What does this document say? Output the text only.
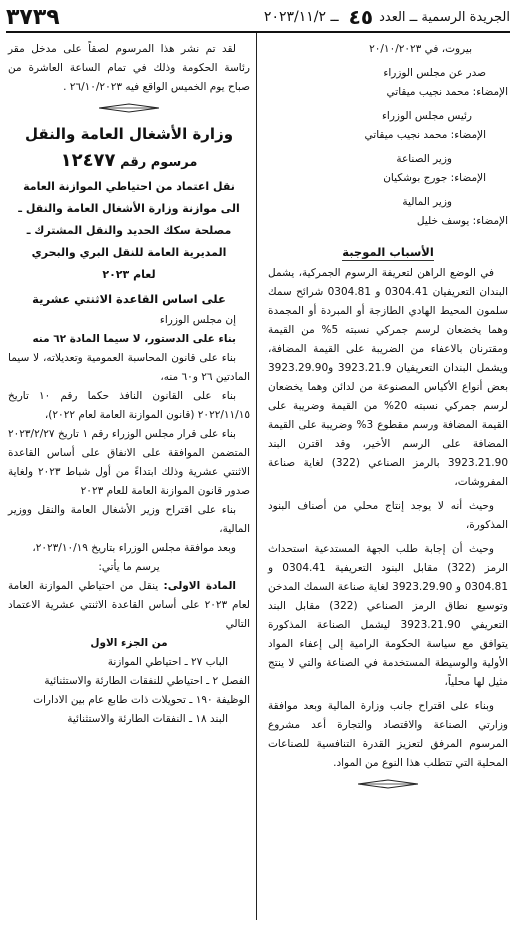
الجريدة الرسمية ــ العدد
٤٥
ــ ٢٠٢٣/١١/٢
٣٧٣٩

بيروت، في ٢٠/١٠/٢٠٢٣

صدر عن مجلس الوزراء

الإمضاء: محمد نجيب ميقاتي

رئيس مجلس الوزراء

الإمضاء: محمد نجيب ميقاتي

وزير الصناعة

الإمضاء: جورج بوشكيان

وزير المالية

الإمضاء: يوسف خليل

الأسباب الموجبة

في الوضع الراهن لتعريفة الرسوم الجمركية، يشمل البندان التعريفيان 0304.41 و 0304.81 شرائح سمك سلمون المحيط الهادي الطازجة أو المبردة أو المجمدة وهما يخضعان لرسم جمركي نسبته 5% من القيمة ومقترنان بالاعفاء من الضريبة على القيمة المضافة، ويشمل البندان التعريفيان 3923.21.9 و3923.29.90 بعض أنواع الأكياس المصنوعة من لدائن وهما يخضعان لرسم جمركي نسبته 20% من القيمة وضريبة على القيمة المضافة ورسم مقطوع 3% وضريبة على القيمة المضافة على الرسم الأخير، وقد اقترن البند 3923.21.90 بالرمز الصناعي (322) لغاية صناعة المفروشات،

وحيث أنه لا يوجد إنتاج محلي من أصناف البنود المذكورة،

وحيث أن إجابة طلب الجهة المستدعية استحداث الرمز (322) مقابل البنود التعريفية 0304.41 و 0304.81 و 3923.29.90 لغاية صناعة السمك المدخن وتوسيع نطاق الرمز الصناعي (322) مقابل البند التعريفي 3923.21.90 ليشمل الصناعة المذكورة يتوافق مع سياسة الحكومة الرامية إلى إعفاء المواد الأولية والوسيطة المستخدمة في الصناعة والتي لا ينتج مثيل لها محلياً،

وبناء على اقتراح جانب وزارة المالية وبعد موافقة وزارتي الصناعة والاقتصاد والتجارة أعد مشروع المرسوم المرفق لتعزيز القدرة التنافسية للصناعات المحلية التي تتطلب هذا النوع من المواد.

لقد تم نشر هذا المرسوم لصقاً على مدخل مقر رئاسة الحكومة وذلك في تمام الساعة العاشرة من صباح يوم الخميس الواقع فيه ٢٦/١٠/٢٠٢٣ .

وزارة الأشغال العامة والنقل

مرسوم رقم ١٢٤٧٧

نقل اعتماد من احتياطي الموازنة العامة
الى موازنة وزارة الأشغال العامة والنقل ـ
مصلحة سكك الحديد والنقل المشترك ـ
المديرية العامة للنقل البري والبحري
لعام ٢٠٢٣

على اساس القاعدة الاثنتي عشرية

إن مجلس الوزراء

بناء على الدستور، لا سيما المادة ٦٢ منه

بناء على قانون المحاسبة العمومية وتعديلاته، لا سيما المادتين ٢٦ و٦٠ منه،

بناء على القانون النافذ حكما رقم ١٠ تاريخ ٢٠٢٢/١١/١٥ (قانون الموازنة العامة لعام ٢٠٢٢)،

بناء على قرار مجلس الوزراء رقم ١ تاريخ ٢٠٢٣/٢/٢٧ المتضمن الموافقة على الانفاق على أساس القاعدة الاثنتي عشرية وذلك ابتداءً من أول شباط ٢٠٢٣ ولغاية صدور قانون الموازنة العامة للعام ٢٠٢٣

بناء على اقتراح وزير الأشغال العامة والنقل ووزير المالية،

وبعد موافقة مجلس الوزراء بتاريخ ٢٠٢٣/١٠/١٩،

يرسم ما يأتي:

المادة الاولى: ينقل من احتياطي الموازنة العامة لعام ٢٠٢٣ على أساس القاعدة الاثنتي عشرية الاعتماد التالي

من الجزء الاول

الباب ٢٧ ـ احتياطي الموازنة

الفصل ٢ ـ احتياطي للنفقات الطارئة والاستثنائية

الوظيفة ١٩٠ ـ تحويلات ذات طابع عام بين الادارات

البند ١٨ ـ النفقات الطارئة والاستثنائية
